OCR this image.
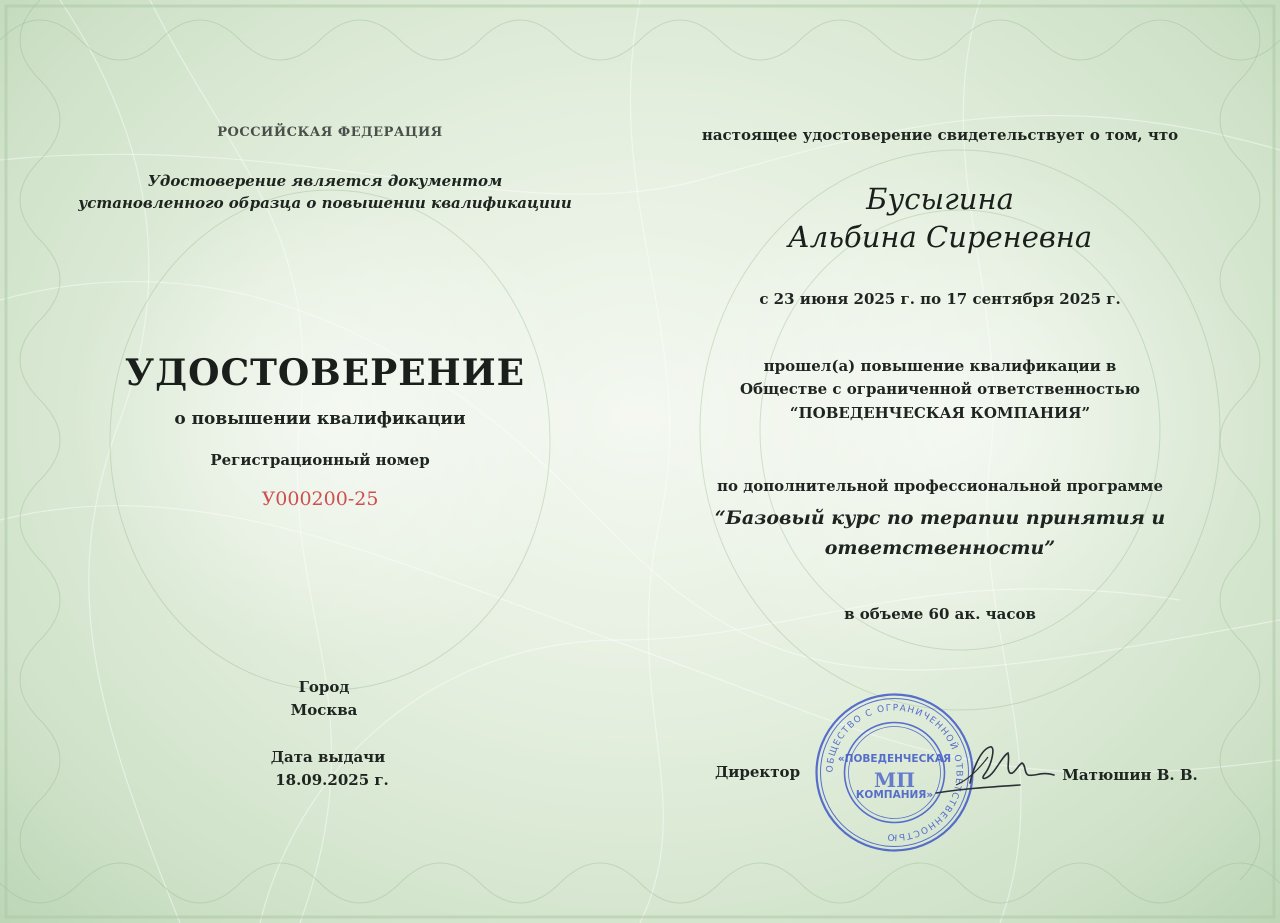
РОССИЙСКАЯ ФЕДЕРАЦИЯ
Удостоверение является документом
установленного образца о повышении квалификациии
УДОСТОВЕРЕНИЕ
о повышении квалификации
Регистрационный номер
У000200-25
Город
Москва
Дата выдачи
18.09.2025 г.
настоящее удостоверение свидетельствует о том, что
Бусыгина
Альбина Сиреневна
с 23 июня 2025 г. по 17 сентября 2025 г.
прошел(а) повышение квалификации в
Обществе с ограниченной ответственностью
“ПОВЕДЕНЧЕСКАЯ КОМПАНИЯ”
по дополнительной профессиональной программе
“Базовый курс по терапии принятия и
ответственности”
в объеме 60 ак. часов
Директор	ОБЩЕСТВО С ОГРАНИЧЕННОЙ ОТВЕТСТВЕННОСТЬЮ
«ПОВЕДЕНЧЕСКАЯ
МП
КОМПАНИЯ»
Матюшин В. В.
